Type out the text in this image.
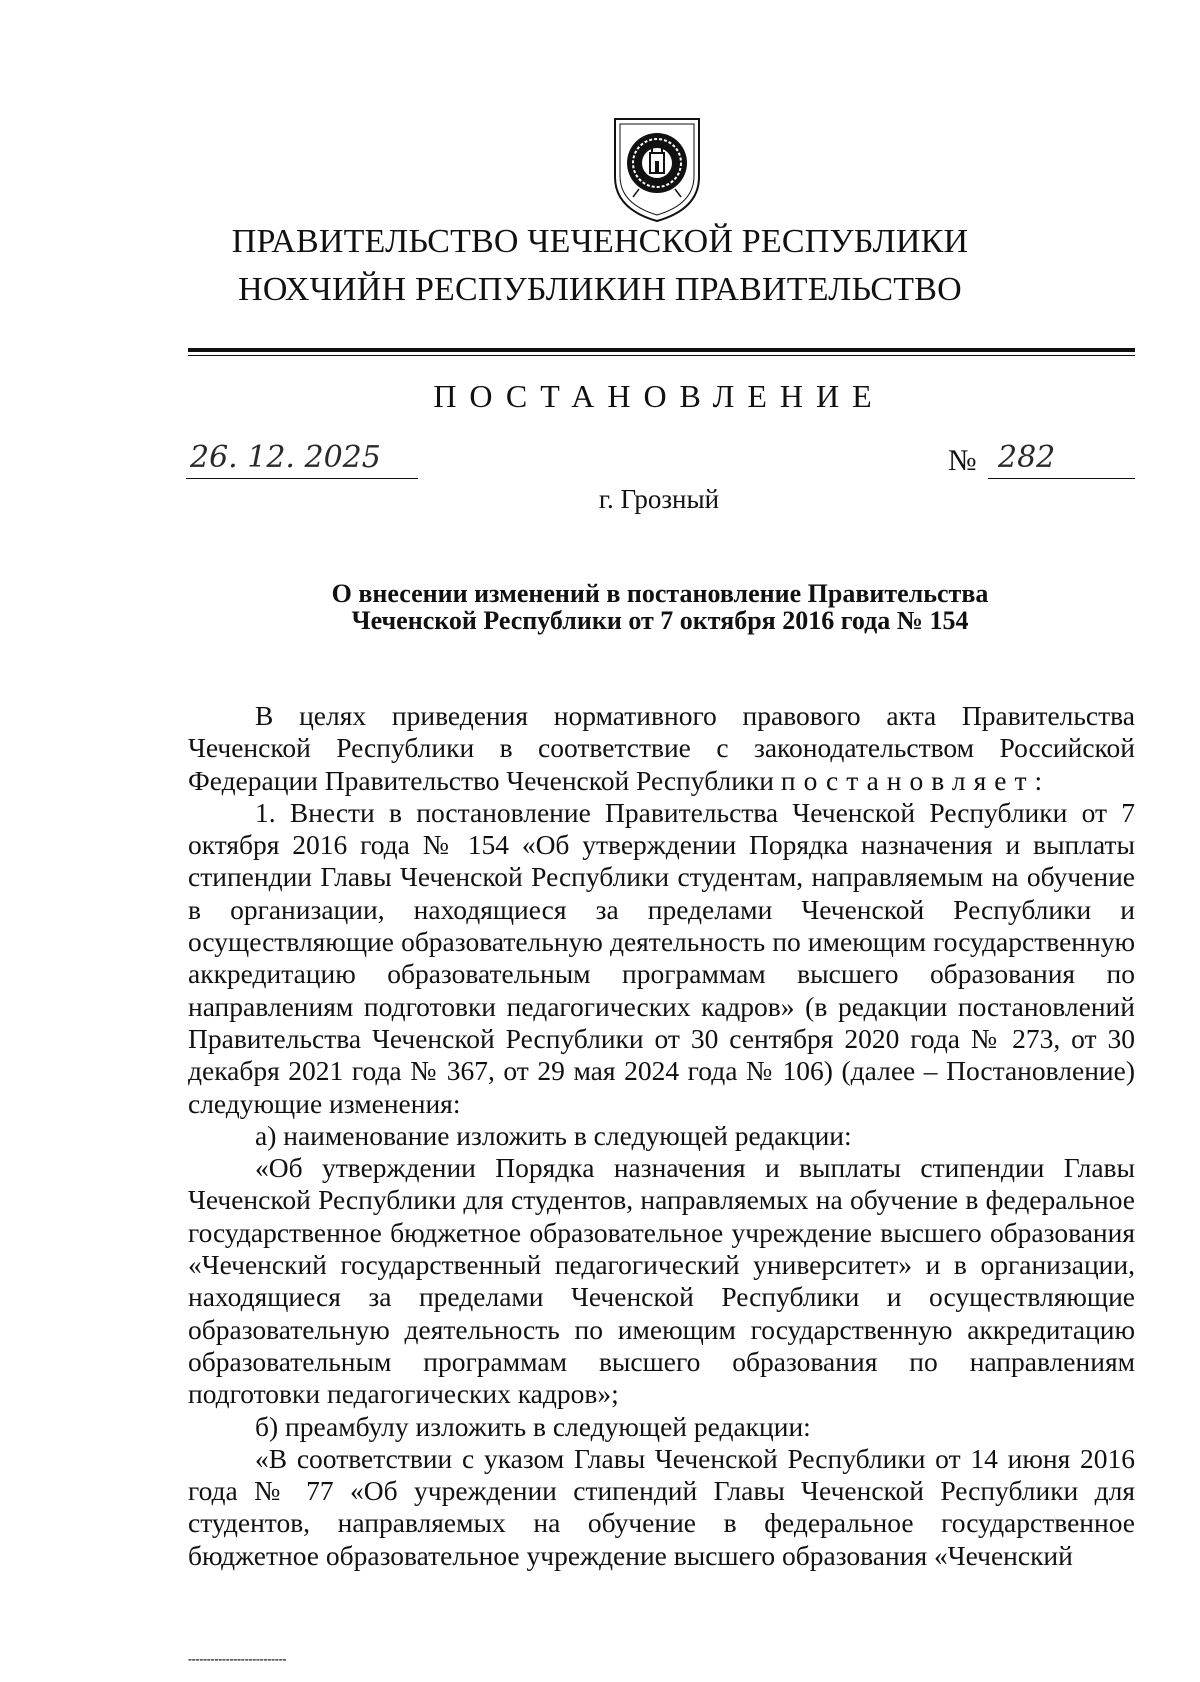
ПРАВИТЕЛЬСТВО ЧЕЧЕНСКОЙ РЕСПУБЛИКИ
НОХЧИЙН РЕСПУБЛИКИН ПРАВИТЕЛЬСТВО
ПОСТАНОВЛЕНИЕ
26. 12. 2025	№ 282
г. Грозный
О внесении изменений в постановление Правительства
Чеченской Республики от 7 октября 2016 года № 154

В целях приведения нормативного правового акта Правительства Чеченской Республики в соответствие с законодательством Российской Федерации Правительство Чеченской Республики постановляет:

1. Внести в постановление Правительства Чеченской Республики от 7 октября 2016 года № 154 «Об утверждении Порядка назначения и выплаты стипендии Главы Чеченской Республики студентам, направляемым на обучение в организации, находящиеся за пределами Чеченской Республики и осуществляющие образовательную деятельность по имеющим государственную аккредитацию образовательным программам высшего образования по направлениям подготовки педагогических кадров» (в редакции постановлений Правительства Чеченской Республики от 30 сентября 2020 года № 273, от 30 декабря 2021 года № 367, от 29 мая 2024 года № 106) (далее – Постановление) следующие изменения:

а) наименование изложить в следующей редакции:

«Об утверждении Порядка назначения и выплаты стипендии Главы Чеченской Республики для студентов, направляемых на обучение в федеральное государственное бюджетное образовательное учреждение высшего образования «Чеченский государственный педагогический университет» и в организации, находящиеся за пределами Чеченской Республики и осуществляющие образовательную деятельность по имеющим государственную аккредитацию образовательным программам высшего образования по направлениям подготовки педагогических кадров»;

б) преамбулу изложить в следующей редакции:

«В соответствии с указом Главы Чеченской Республики от 14 июня 2016 года № 77 «Об учреждении стипендий Главы Чеченской Республики для студентов, направляемых на обучение в федеральное государственное бюджетное образовательное учреждение высшего образования «Чеченский

▬▬▬▬▬▬▬▬▬▬▬▬▬▬▬▬▬▬▬▬▬▬▬▬▬▬
